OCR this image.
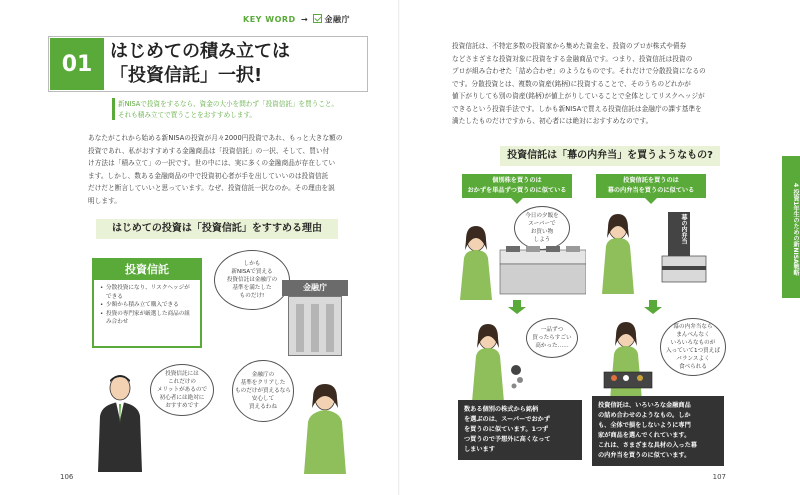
KEY WORD → 金融庁
01 はじめての積み立ては
「投資信託」一択!
新NISAで投資をするなら、資金の大小を問わず「投資信託」を買うこと。
それも積み立てで買うことをおすすめします。
あなたがこれから始める新NISAの投資が月々2000円投資であれ、もっと大きな額の
投資であれ、私がおすすめする金融商品は「投資信託」の一択、そして、買い付
け方法は「積み立て」の一択です。世の中には、実に多くの金融商品が存在してい
ます。しかし、数ある金融商品の中で投資初心者が手を出していいのは投資信託
だけだと断言していいと思っています。なぜ、投資信託一択なのか。その理由を説
明します。
はじめての投資は「投資信託」をすすめる理由
投資信託
• 分散投資になり、リスクヘッジができる
• 少額から積み立て購入できる
• 投資の専門家が厳選した商品の組み合わせ
しかも
新NISAで買える
投資信託は金融庁の
基準を満たした
ものだけ!
金融庁
投資信託には
これだけの
メリットがあるので
初心者には絶対に
おすすめです
金融庁の
基準をクリアした
ものだけが買えるなら
安心して
買えるわね
106
投資信託は、不特定多数の投資家から集めた資金を、投資のプロが株式や債券
などさまざまな投資対象に投資をする金融商品です。つまり、投資信託は投資の
プロが組み合わせた「詰め合わせ」のようなものです。それだけで分散投資になるの
です。分散投資とは、複数の資産(銘柄)に投資することで、そのうちのどれかが
値下がりしても別の資産(銘柄)が値上がりしていることで全体としてリスクヘッジが
できるという投資手法です。しかも新NISAで買える投資信託は金融庁の課す基準を
満たしたものだけですから、初心者には絶対におすすめなのです。
投資信託は「幕の内弁当」を買うようなもの?
個別株を買うのは
おかずを単品ずつ買うのに似ている
投資信託を買うのは
幕の内弁当を買うのに似ている
今日の夕飯を
スーパーで
お買い物
しよう
一品ずつ
買ったらすごい
高かった……
幕の内弁当
幕の内弁当なら
まんべんなく
いろいろなものが
入っていて1つ買えば
バランスよく
食べられる
数ある個別の株式から銘柄
を選ぶのは、スーパーでおかず
を買うのに似ています。1つず
つ買うので予想外に高くなって
しまいます
投資信託は、いろいろな金融商品
の詰め合わせのようなもの。しか
も、全体で損をしないように専門
家が商品を選んでくれています。
これは、さまざまな具材の入った幕
の内弁当を買うのに似ています。
4 投資1年生のための新NISA戦略
107
